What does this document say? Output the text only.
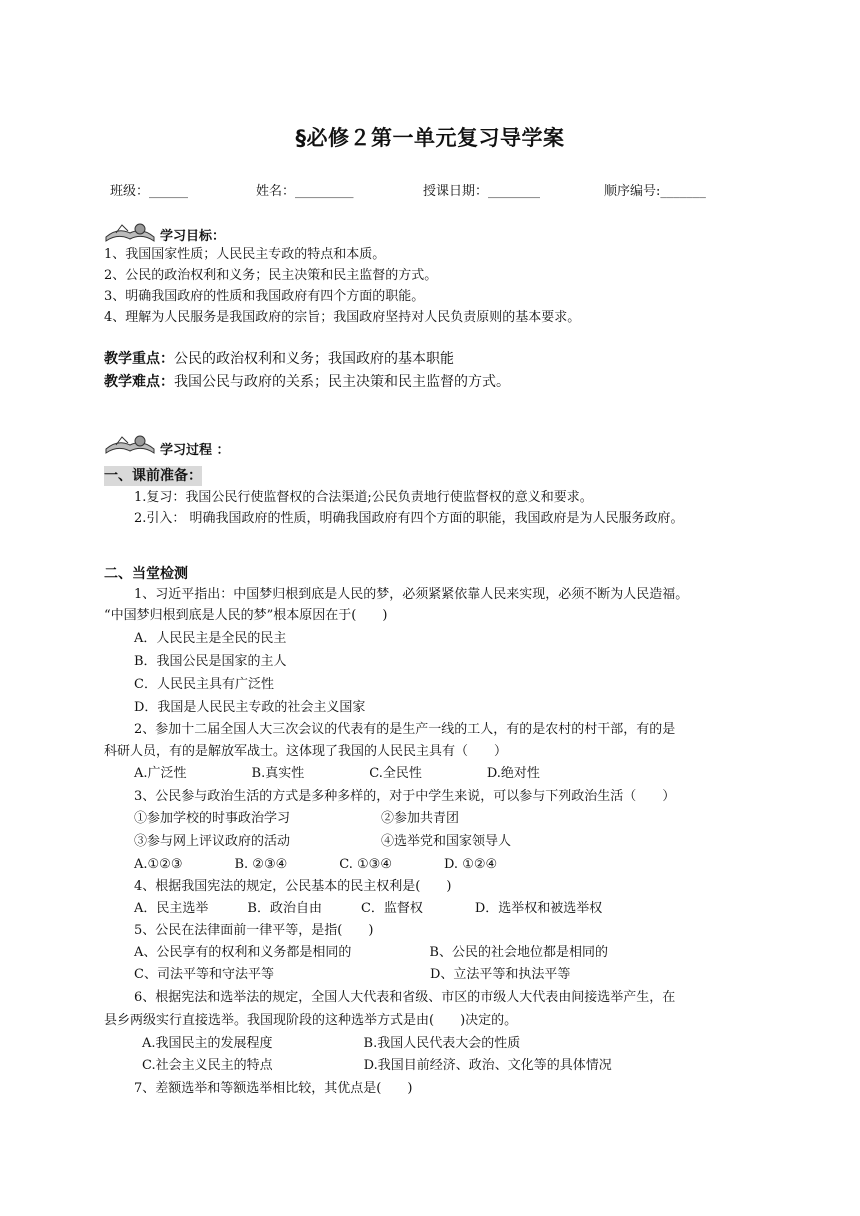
§必修２第一单元复习导学案
班级：______	姓名：_________	授课日期：________	顺序编号:_______
学习目标：
1、我国国家性质；人民民主专政的特点和本质。
2、公民的政治权利和义务；民主决策和民主监督的方式。
3、明确我国政府的性质和我国政府有四个方面的职能。
4、理解为人民服务是我国政府的宗旨；我国政府坚持对人民负责原则的基本要求。
教学重点：公民的政治权利和义务；我国政府的基本职能
教学难点：我国公民与政府的关系；民主决策和民主监督的方式。
学习过程 ：
一、课前准备：
1.复习：我国公民行使监督权的合法渠道;公民负责地行使监督权的意义和要求。
2.引入： 明确我国政府的性质，明确我国政府有四个方面的职能，我国政府是为人民服务政府。
二、当堂检测
1、习近平指出：中国梦归根到底是人民的梦，必须紧紧依靠人民来实现，必须不断为人民造福。
“中国梦归根到底是人民的梦”根本原因在于(　　)
A．人民民主是全民的民主
B．我国公民是国家的主人
C．人民民主具有广泛性
D．我国是人民民主专政的社会主义国家
2、参加十二届全国人大三次会议的代表有的是生产一线的工人，有的是农村的村干部，有的是
科研人员，有的是解放军战士。这体现了我国的人民民主具有（　　）
A.广泛性　　　　　B.真实性　　　　　C.全民性　　　　　D.绝对性
3、公民参与政治生活的方式是多种多样的，对于中学生来说，可以参与下列政治生活（　　）
①参加学校的时事政治学习　　　　　　　②参加共青团
③参与网上评议政府的活动　　　　　　　④选举党和国家领导人
A.①②③　　　　B. ②③④　　　　C. ①③④　　　　D. ①②④
4、根据我国宪法的规定，公民基本的民主权利是(　　)
A．民主选举　　　B．政治自由　　　C．监督权　　　　D．选举权和被选举权
5、公民在法律面前一律平等，是指(　　)
A、公民享有的权利和义务都是相同的　　　　　　B、公民的社会地位都是相同的
C、司法平等和守法平等　　　　　　　　　　　　D、立法平等和执法平等
6、根据宪法和选举法的规定，全国人大代表和省级、市区的市级人大代表由间接选举产生，在
县乡两级实行直接选举。我国现阶段的这种选举方式是由(　　)决定的。
A.我国民主的发展程度　　　　　　　B.我国人民代表大会的性质
C.社会主义民主的特点　　　　　　　D.我国目前经济、政治、文化等的具体情况
7、差额选举和等额选举相比较，其优点是(　　)
